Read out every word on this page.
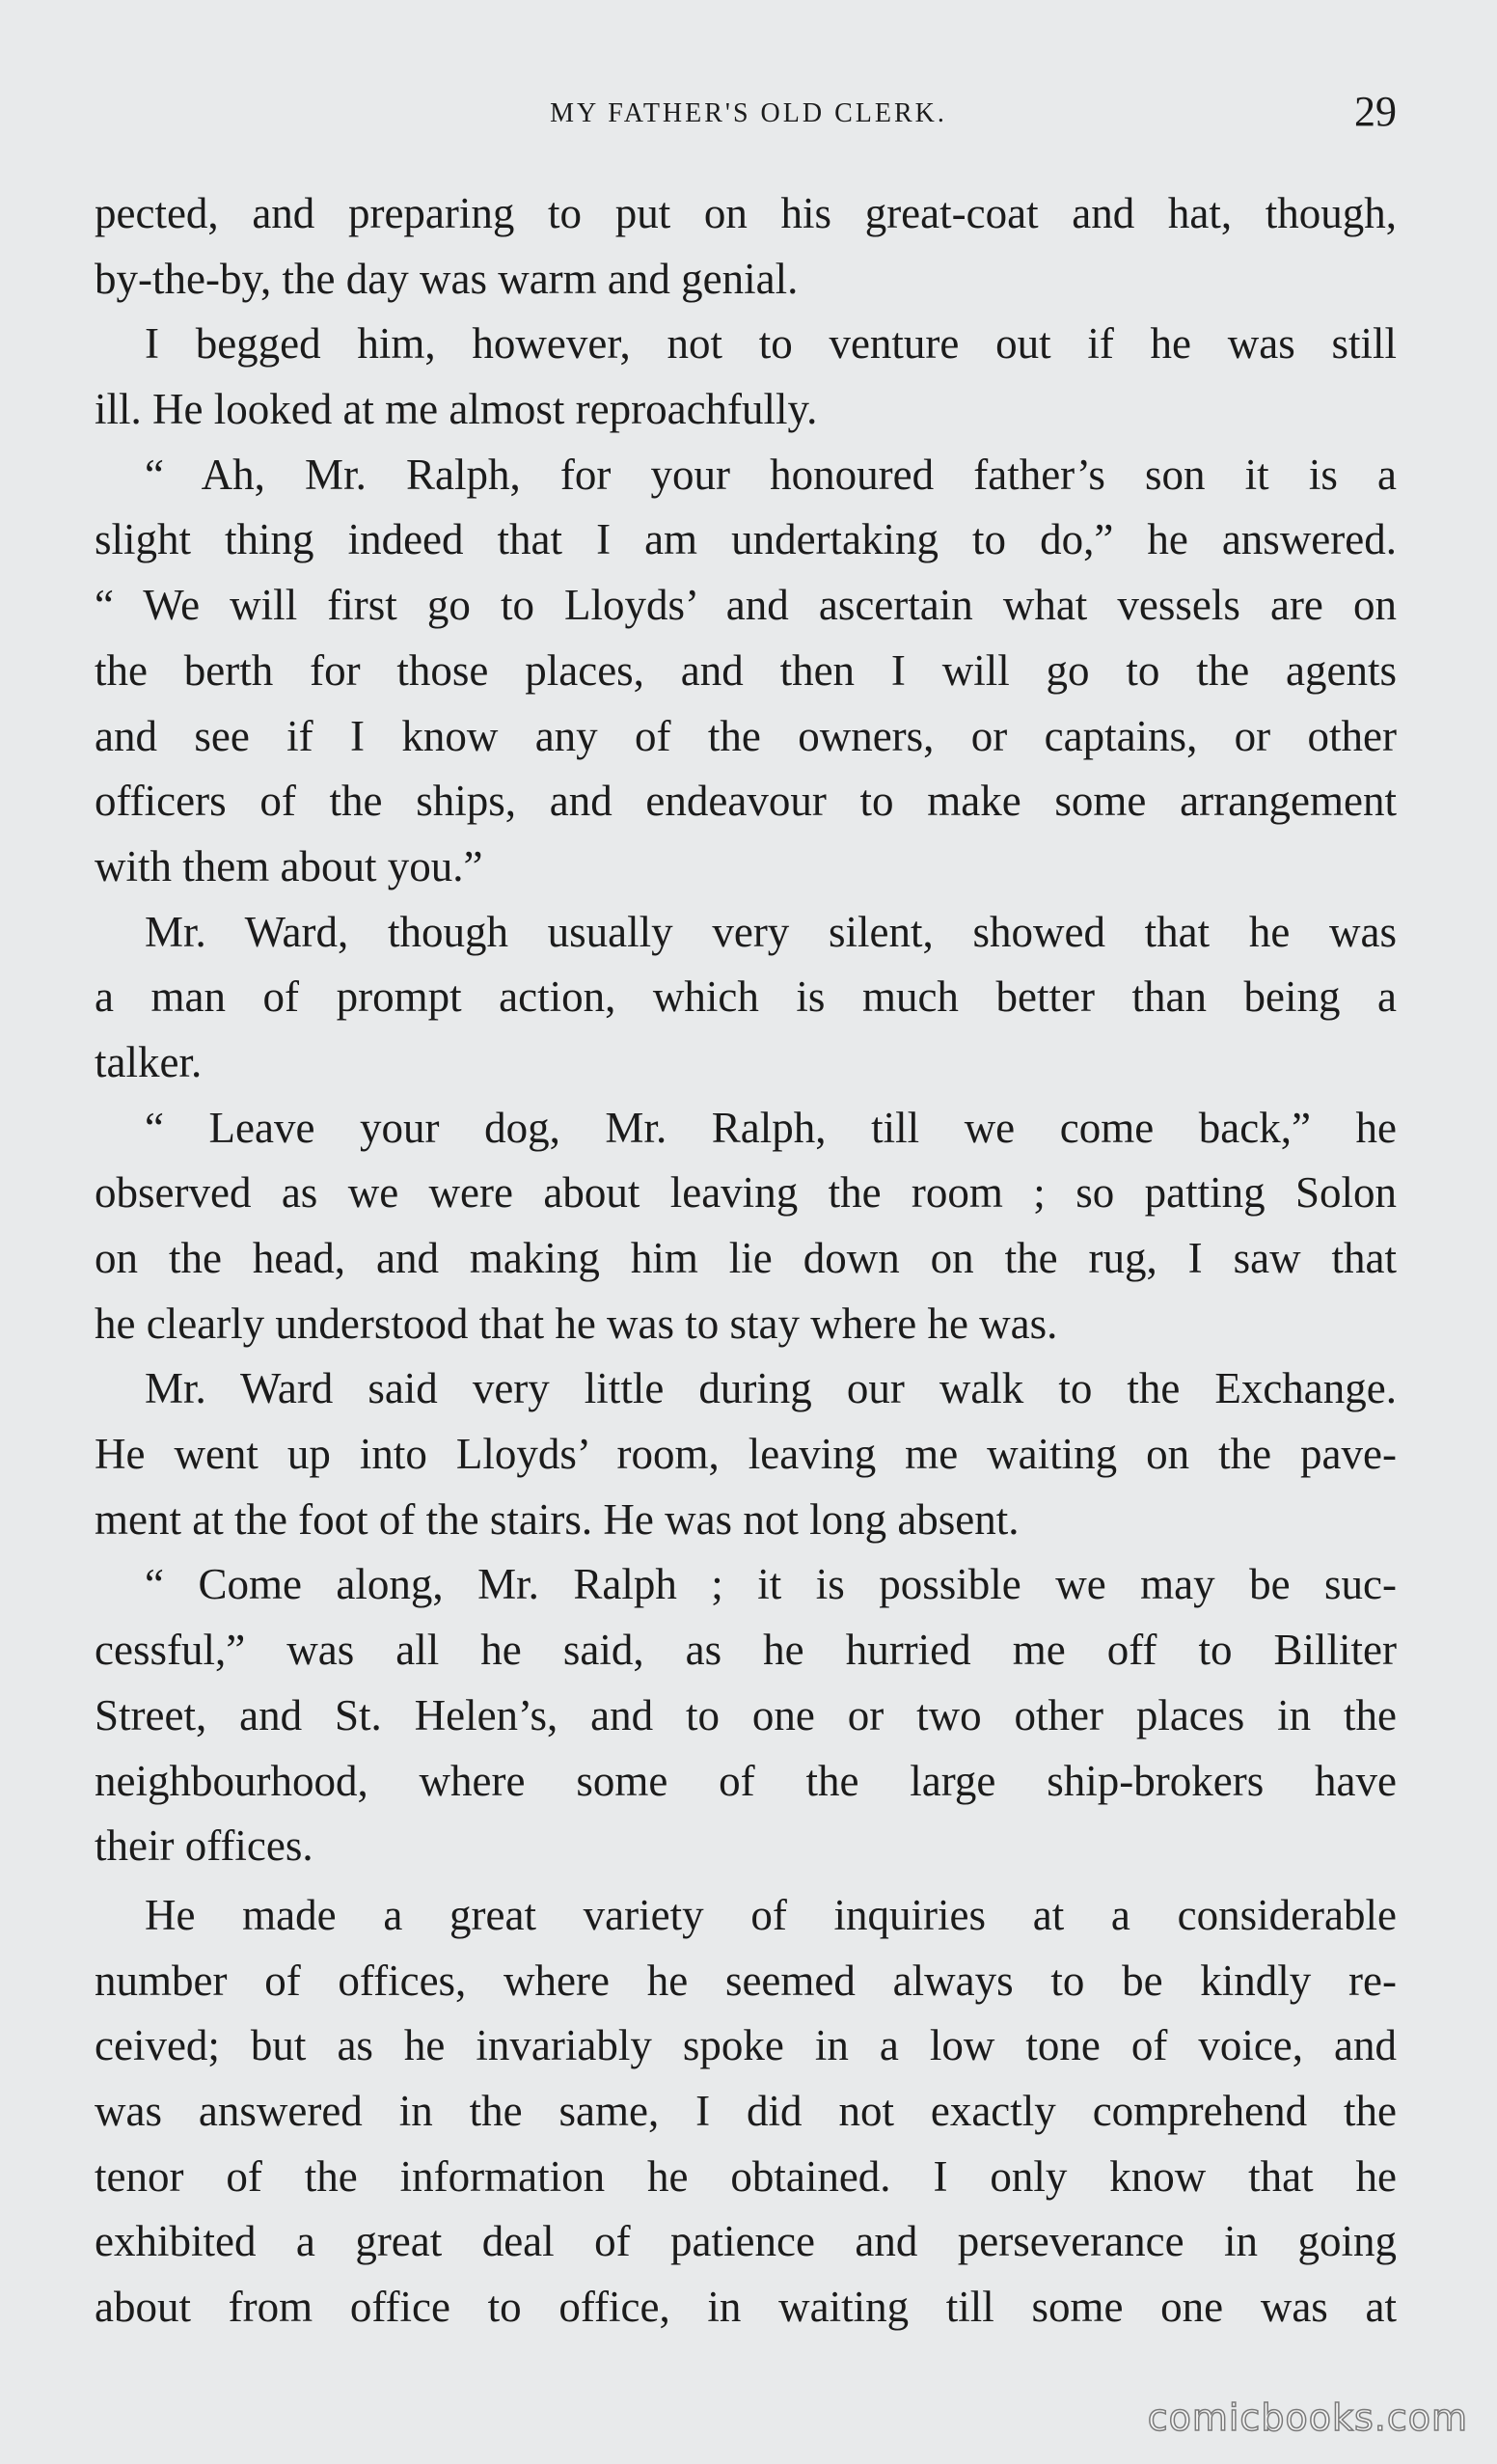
MY FATHER'S OLD CLERK.	29
pected, and preparing to put on his great-coat and hat, though,
by-the-by, the day was warm and genial.
I begged him, however, not to venture out if he was still
ill. He looked at me almost reproachfully.
“ Ah, Mr. Ralph, for your honoured father’s son it is a
slight thing indeed that I am undertaking to do,” he answered.
“ We will first go to Lloyds’ and ascertain what vessels are on
the berth for those places, and then I will go to the agents
and see if I know any of the owners, or captains, or other
officers of the ships, and endeavour to make some arrangement
with them about you.”
Mr. Ward, though usually very silent, showed that he was
a man of prompt action, which is much better than being a
talker.
“ Leave your dog, Mr. Ralph, till we come back,” he
observed as we were about leaving the room ; so patting Solon
on the head, and making him lie down on the rug, I saw that
he clearly understood that he was to stay where he was.
Mr. Ward said very little during our walk to the Exchange.
He went up into Lloyds’ room, leaving me waiting on the pave-
ment at the foot of the stairs. He was not long absent.
“ Come along, Mr. Ralph ; it is possible we may be suc-
cessful,” was all he said, as he hurried me off to Billiter
Street, and St. Helen’s, and to one or two other places in the
neighbourhood, where some of the large ship-brokers have
their offices.
He made a great variety of inquiries at a considerable
number of offices, where he seemed always to be kindly re-
ceived; but as he invariably spoke in a low tone of voice, and
was answered in the same, I did not exactly comprehend the
tenor of the information he obtained. I only know that he
exhibited a great deal of patience and perseverance in going
about from office to office, in waiting till some one was at
comicbooks.com
